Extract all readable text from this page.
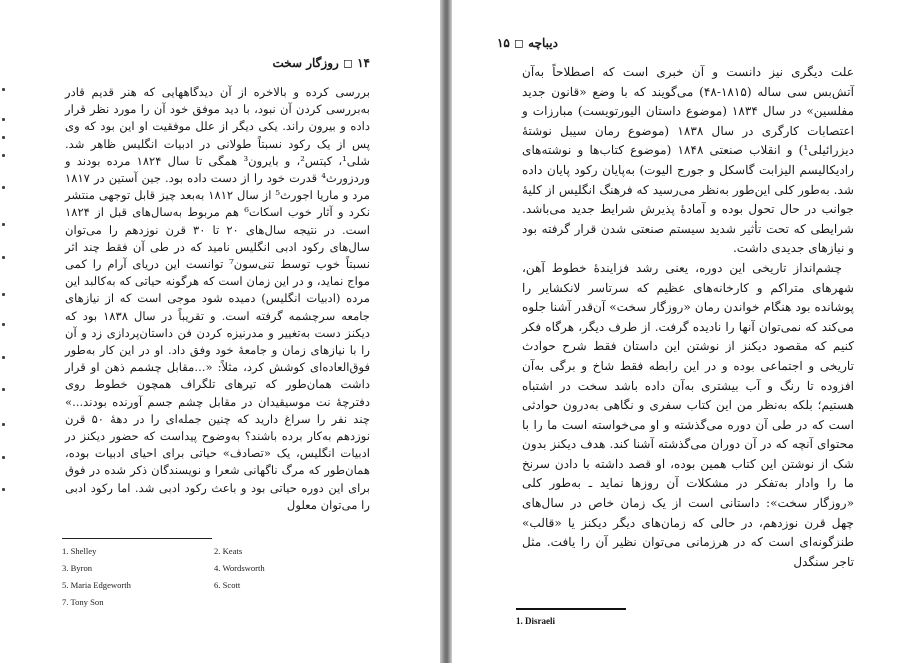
۱۴ ◻ روزگار سخت

بررسی کرده و بالاخره از آن دیدگاههایی که هنر قدیم قادر به‌بررسی کردن آن نبود، با دید موفق خود آن را مورد نظر قرار داده و بیرون راند. یکی دیگر از علل موفقیت او این بود که وی پس از یک رکود نسبتاً طولانی در ادبیات انگلیس ظاهر شد. شلی¹، کیتس²، و بایرون³ همگی تا سال ۱۸۲۴ مرده بودند و وردزورث⁴ قدرت خود را از دست داده بود. جین آستین در ۱۸۱۷ مرد و ماریا اجورث⁵ از سال ۱۸۱۲ به‌بعد چیز قابل توجهی منتشر نکرد و آثار خوب اسکات⁶ هم مربوط به‌سال‌های قبل از ۱۸۲۴ است. در نتیجه سال‌های ۲۰ تا ۳۰ قرن نوزدهم را می‌توان سال‌های رکود ادبی انگلیس نامید که در طی آن فقط چند اثر نسبتاً خوب توسط تنی‌سون⁷ توانست این دریای آرام را کمی مواج نماید، و در این زمان است که هرگونه حیاتی که به‌کالبد این مرده (ادبیات انگلیس) دمیده شود موجی است که از نیازهای جامعه سرچشمه گرفته است. و تقریباً در سال ۱۸۳۸ بود که دیکنز دست به‌تغییر و مدرنیزه کردن فن داستان‌پردازی زد و آن را با نیازهای زمان و جامعهٔ خود وفق داد. او در این کار به‌طور فوق‌العاده‌ای کوشش کرد، مثلاً: «...مقابل چشمم ذهن او قرار داشت همان‌طور که تیرهای تلگراف همچون خطوط روی دفترچهٔ نت موسیقیدان در مقابل چشم جسم آورنده بودند...» چند نفر را سراغ دارید که چنین جمله‌ای را در دههٔ ۵۰ قرن نوزدهم به‌کار برده باشند؟ به‌وضوح پیداست که حضور دیکنز در ادبیات انگلیس، یک «تصادف» حیاتی برای احیای ادبیات بوده، همان‌طور که مرگ ناگهانی شعرا و نویسندگان ذکر شده در فوق برای این دوره حیاتی بود و باعث رکود ادبی شد. اما رکود ادبی را می‌توان معلول

1. Shelley	2. Keats
3. Byron	4. Wordsworth
5. Maria Edgeworth	6. Scott
7. Tony Son
دیباچه ◻ ۱۵

علت دیگری نیز دانست و آن خبری است که اصطلاحاً به‌آن آتش‌بس سی ساله (۱۸۱۵-۴۸) می‌گویند که با وضع «قانون جدید مفلسین» در سال ۱۸۳۴ (موضوع داستان الیورتویست) مبارزات و اعتصابات کارگری در سال ۱۸۳۸ (موضوع رمان سیبل نوشتهٔ دیزرائیلی¹) و انقلاب صنعتی ۱۸۴۸ (موضوع کتاب‌ها و نوشته‌های رادیکالیسم الیزابت گاسکل و جورج الیوت) به‌پایان رکود پایان داده شد. به‌طور کلی این‌طور به‌نظر می‌رسید که فرهنگ انگلیس از کلیهٔ جوانب در حال تحول بوده و آمادهٔ پذیرش شرایط جدید می‌باشد. شرایطی که تحت تأثیر شدید سیستم صنعتی شدن قرار گرفته بود و نیازهای جدیدی داشت.

چشم‌انداز تاریخی این دوره، یعنی رشد فزایندهٔ خطوط آهن، شهرهای متراکم و کارخانه‌های عظیم که سرتاسر لانکشایر را پوشانده بود هنگام خواندن رمان «روزگار سخت» آن‌قدر آشنا جلوه می‌کند که نمی‌توان آنها را نادیده گرفت. از طرف دیگر، هرگاه فکر کنیم که مقصود دیکنز از نوشتن این داستان فقط شرح حوادث تاریخی و اجتماعی بوده و در این رابطه فقط شاخ و برگی به‌آن افزوده تا رنگ و آب بیشتری به‌آن داده باشد سخت در اشتباه هستیم؛ بلکه به‌نظر من این کتاب سفری و نگاهی به‌درون حوادثی است که در طی آن دوره می‌گذشته و او می‌خواسته است ما را با محتوای آنچه که در آن دوران می‌گذشته آشنا کند. هدف دیکنز بدون شک از نوشتن این کتاب همین بوده، او قصد داشته با دادن سرنخ ما را وادار به‌تفکر در مشکلات آن روزها نماید ـ به‌طور کلی «روزگار سخت»: داستانی است از یک زمان خاص در سال‌های چهل قرن نوزدهم، در حالی که زمان‌های دیگر دیکنز یا «قالب» طنزگونه‌ای است که در هرزمانی می‌توان نظیر آن را یافت. مثل تاجر سنگدل

1. Disraeli
